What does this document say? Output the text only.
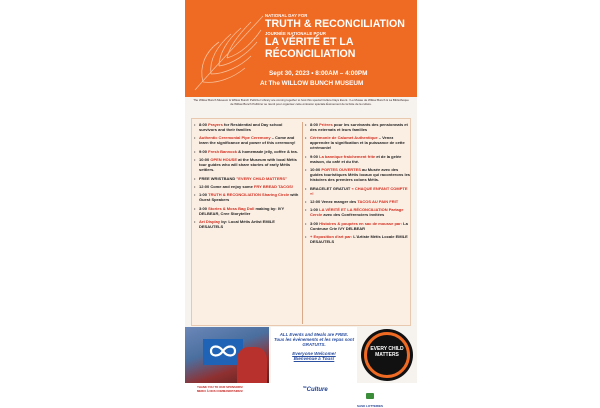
NATIONAL DAY FOR
TRUTH & RECONCILIATION
JOURNÉE NATIONALE POUR
LA VÉRITÉ ET LA
RÉCONCILIATION
Sept 30, 2023 • 8:00AM – 4:00PM
At The WILLOW BUNCH MUSEUM
The Willow Bunch Museum & Willow Bunch Pellizzer Library are coming together to host this special Culture Days Event. / Le Musée de Willow Bunch & La Bibliothèque de Willow Bunch Pellizzer se réunit pour organiser cette émission spéciale Événement de la Fête de la culture.
• 8:00 Prayers for Residential and Day school survivors and their families
• Authentic Ceremonial Pipe Ceremony – Come and learn the significance and power of this ceremony!
• 9:00 Fresh Bannock & homemade jelly, coffee & tea.
• 10:00 OPEN HOUSE at the Museum with local Métis tour guides who will share stories of early Métis settlers.
• FREE WRISTBAND "EVERY CHILD MATTERS"
• 12:00 Come and enjoy some FRY BREAD TACOS!
• 1:00 TRUTH & RECONCILIATION Sharing Circle with Guest Speakers
• 3:00 Stories & Moss Bag Doll making by: IVY DELBEAR, Cree Storyteller
• Art Display by: Local Métis Artist EMILE DESAUTELS
• 8:00 Prières pour les survivants des pensionnats et des externats et leurs familles
• Cérémonie de Calumet Authentique – Venez apprendre la signification et la puissance de cette cérémonie!
• 9:00 La bannique fraîchement frite et de la gelée maison, du café et du thé.
• 10:00 PORTES OUVERTES au Musée avec des guides touristiques Métis locaux qui raconterons les histoires des premiers colons Métis.
• BRACELET GRATUIT « CHAQUE ENFANT COMPTE »!
• 12:00 Venez manger des TACOS AU PAIN FRIT
• 1:00 LA VÉRITÉ ET LA RÉCONCILIATION Partage Cercle avec des Conférenciers invitées
• 3:00 Histoires & poupées en sac de mousse par: La Conteuse Crie IVY DELBEAR
• + Exposition d'art par: L'Artiste Métis Locale EMILE DESAUTELS
ALL Events and Meals are FREE.
Tous les événements et les repas sont GRATUITS.
Everyone Welcome!
Bienvenue à Tous!
EVERY CHILD MATTERS
THANK YOU TO OUR SPONSORS!
MERCI À NOS COMMANDITAIRES!
$^{Sk}$Culture
SASK LOTTERIES
